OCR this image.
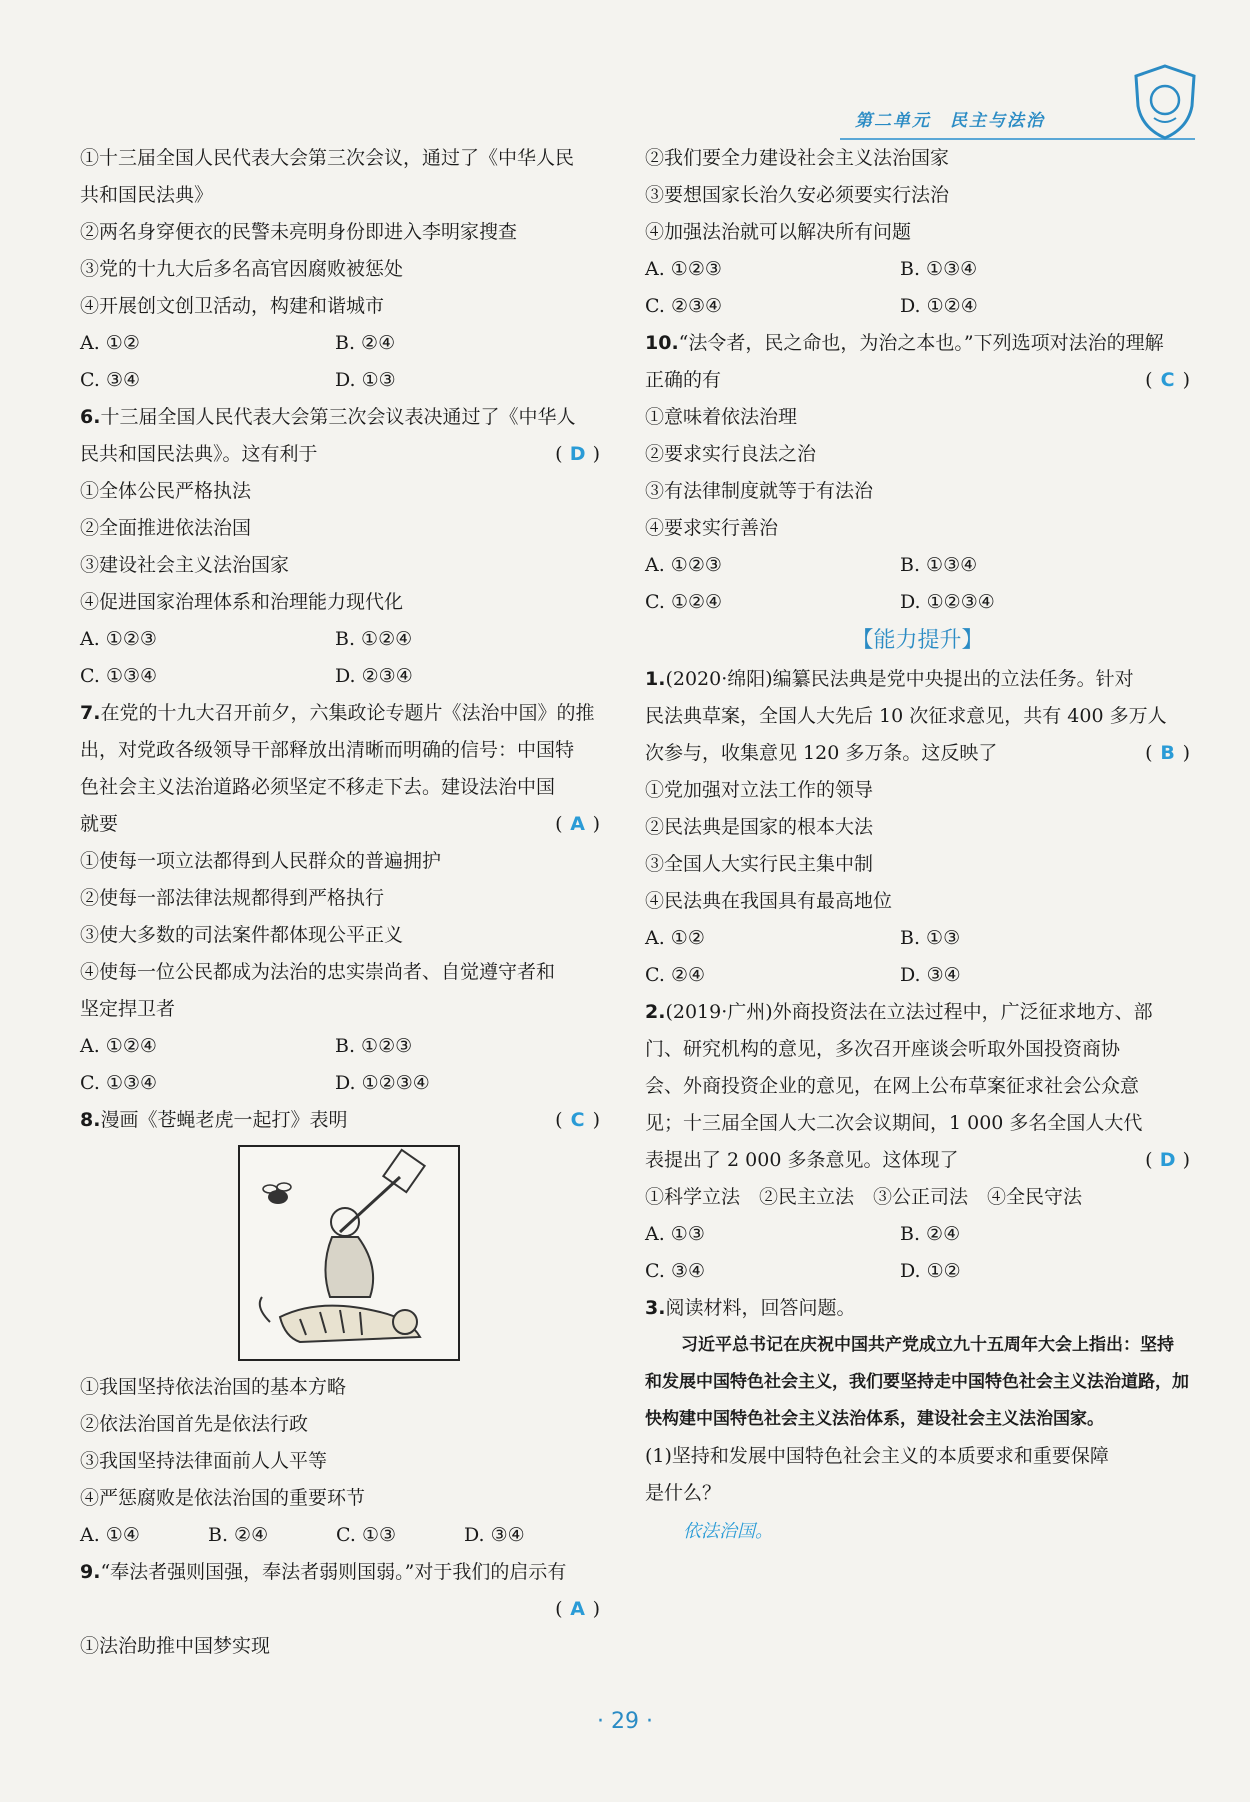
第二单元　民主与法治
①十三届全国人民代表大会第三次会议，通过了《中华人民
共和国民法典》
②两名身穿便衣的民警未亮明身份即进入李明家搜查
③党的十九大后多名高官因腐败被惩处
④开展创文创卫活动，构建和谐城市
A. ①②	B. ②④
C. ③④	D. ①③
6.十三届全国人民代表大会第三次会议表决通过了《中华人
民共和国民法典》。这有利于	( D )
①全体公民严格执法
②全面推进依法治国
③建设社会主义法治国家
④促进国家治理体系和治理能力现代化
A. ①②③	B. ①②④
C. ①③④	D. ②③④
7.在党的十九大召开前夕，六集政论专题片《法治中国》的推
出，对党政各级领导干部释放出清晰而明确的信号：中国特
色社会主义法治道路必须坚定不移走下去。建设法治中国
就要	( A )
①使每一项立法都得到人民群众的普遍拥护
②使每一部法律法规都得到严格执行
③使大多数的司法案件都体现公平正义
④使每一位公民都成为法治的忠实崇尚者、自觉遵守者和
坚定捍卫者
A. ①②④	B. ①②③
C. ①③④	D. ①②③④
8.漫画《苍蝇老虎一起打》表明	( C )
①我国坚持依法治国的基本方略
②依法治国首先是依法行政
③我国坚持法律面前人人平等
④严惩腐败是依法治国的重要环节
A. ①④	B. ②④	C. ①③	D. ③④
9.“奉法者强则国强，奉法者弱则国弱。”对于我们的启示有
( A )
①法治助推中国梦实现
②我们要全力建设社会主义法治国家
③要想国家长治久安必须要实行法治
④加强法治就可以解决所有问题
A. ①②③	B. ①③④
C. ②③④	D. ①②④
10.“法令者，民之命也，为治之本也。”下列选项对法治的理解
正确的有	( C )
①意味着依法治理
②要求实行良法之治
③有法律制度就等于有法治
④要求实行善治
A. ①②③	B. ①③④
C. ①②④	D. ①②③④
【能力提升】
1.(2020·绵阳)编纂民法典是党中央提出的立法任务。针对
民法典草案，全国人大先后 10 次征求意见，共有 400 多万人
次参与，收集意见 120 多万条。这反映了	( B )
①党加强对立法工作的领导
②民法典是国家的根本大法
③全国人大实行民主集中制
④民法典在我国具有最高地位
A. ①②	B. ①③
C. ②④	D. ③④
2.(2019·广州)外商投资法在立法过程中，广泛征求地方、部
门、研究机构的意见，多次召开座谈会听取外国投资商协
会、外商投资企业的意见，在网上公布草案征求社会公众意
见；十三届全国人大二次会议期间，1 000 多名全国人大代
表提出了 2 000 多条意见。这体现了	( D )
①科学立法　②民主立法　③公正司法　④全民守法
A. ①③	B. ②④
C. ③④	D. ①②
3.阅读材料，回答问题。
习近平总书记在庆祝中国共产党成立九十五周年大会上指出：坚持和发展中国特色社会主义，我们要坚持走中国特色社会主义法治道路，加快构建中国特色社会主义法治体系，建设社会主义法治国家。
(1)坚持和发展中国特色社会主义的本质要求和重要保障
是什么？
依法治国。
· 29 ·
